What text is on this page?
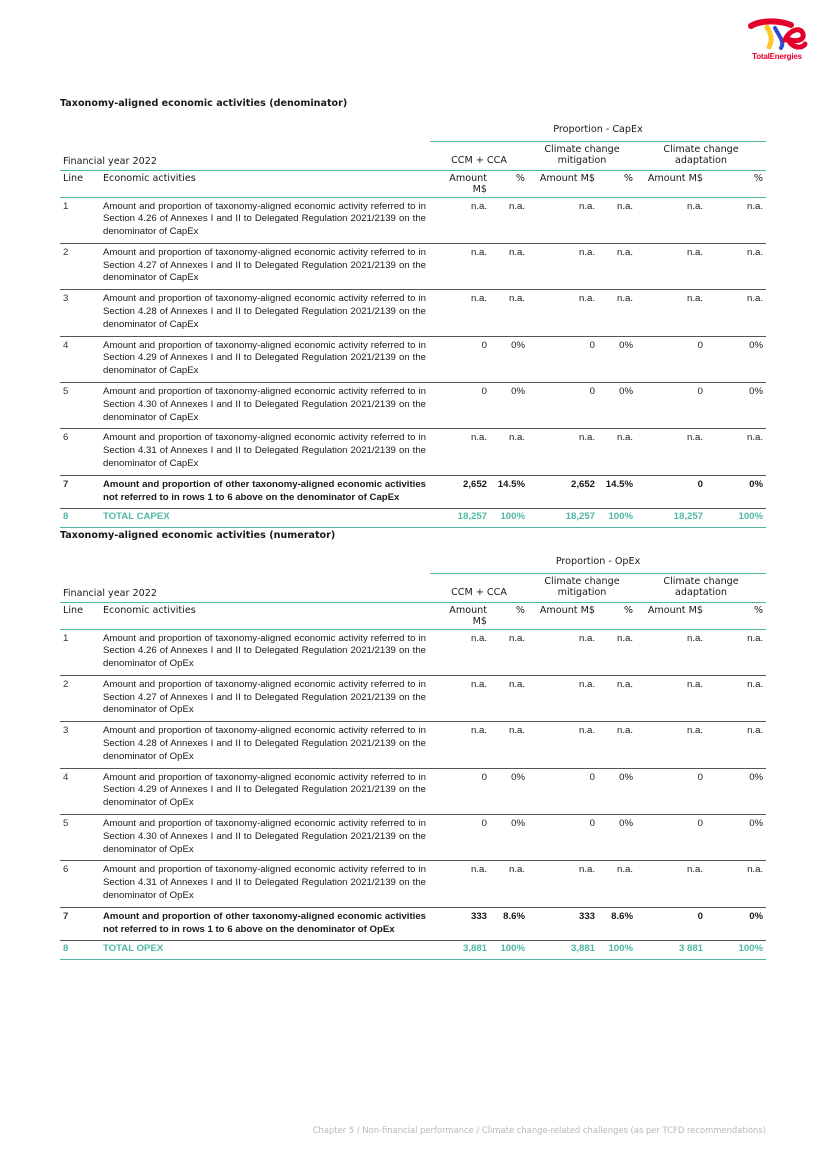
TotalEnergies
Taxonomy-aligned economic activities (denominator)
		Proportion - CapEx					
Financial year 2022		CCM + CCA		Climate change
mitigation		Climate change
adaptation	
Line	Economic activities	Amount M$	%	Amount M$	%	Amount M$	%
1	Amount and proportion of taxonomy-aligned economic activity referred to in Section 4.26 of Annexes I and II to Delegated Regulation 2021/2139 on the denominator of CapEx	n.a.	n.a.	n.a.	n.a.	n.a.	n.a.
2	Amount and proportion of taxonomy-aligned economic activity referred to in Section 4.27 of Annexes I and II to Delegated Regulation 2021/2139 on the denominator of CapEx	n.a.	n.a.	n.a.	n.a.	n.a.	n.a.
3	Amount and proportion of taxonomy-aligned economic activity referred to in Section 4.28 of Annexes I and II to Delegated Regulation 2021/2139 on the denominator of CapEx	n.a.	n.a.	n.a.	n.a.	n.a.	n.a.
4	Amount and proportion of taxonomy-aligned economic activity referred to in Section 4.29 of Annexes I and II to Delegated Regulation 2021/2139 on the denominator of CapEx	0	0%	0	0%	0	0%
5	Amount and proportion of taxonomy-aligned economic activity referred to in Section 4.30 of Annexes I and II to Delegated Regulation 2021/2139 on the denominator of CapEx	0	0%	0	0%	0	0%
6	Amount and proportion of taxonomy-aligned economic activity referred to in Section 4.31 of Annexes I and II to Delegated Regulation 2021/2139 on the denominator of CapEx	n.a.	n.a.	n.a.	n.a.	n.a.	n.a.
7	Amount and proportion of other taxonomy-aligned economic activities not referred to in rows 1 to 6 above on the denominator of CapEx	2,652	14.5%	2,652	14.5%	0	0%
8	TOTAL CAPEX	18,257	100%	18,257	100%	18,257	100%
Taxonomy-aligned economic activities (numerator)
		Proportion - OpEx					
Financial year 2022		CCM + CCA		Climate change
mitigation		Climate change
adaptation	
Line	Economic activities	Amount M$	%	Amount M$	%	Amount M$	%
1	Amount and proportion of taxonomy-aligned economic activity referred to in Section 4.26 of Annexes I and II to Delegated Regulation 2021/2139 on the denominator of OpEx	n.a.	n.a.	n.a.	n.a.	n.a.	n.a.
2	Amount and proportion of taxonomy-aligned economic activity referred to in Section 4.27 of Annexes I and II to Delegated Regulation 2021/2139 on the denominator of OpEx	n.a.	n.a.	n.a.	n.a.	n.a.	n.a.
3	Amount and proportion of taxonomy-aligned economic activity referred to in Section 4.28 of Annexes I and II to Delegated Regulation 2021/2139 on the denominator of OpEx	n.a.	n.a.	n.a.	n.a.	n.a.	n.a.
4	Amount and proportion of taxonomy-aligned economic activity referred to in Section 4.29 of Annexes I and II to Delegated Regulation 2021/2139 on the denominator of OpEx	0	0%	0	0%	0	0%
5	Amount and proportion of taxonomy-aligned economic activity referred to in Section 4.30 of Annexes I and II to Delegated Regulation 2021/2139 on the denominator of OpEx	0	0%	0	0%	0	0%
6	Amount and proportion of taxonomy-aligned economic activity referred to in Section 4.31 of Annexes I and II to Delegated Regulation 2021/2139 on the denominator of OpEx	n.a.	n.a.	n.a.	n.a.	n.a.	n.a.
7	Amount and proportion of other taxonomy-aligned economic activities not referred to in rows 1 to 6 above on the denominator of OpEx	333	8.6%	333	8.6%	0	0%
8	TOTAL OPEX	3,881	100%	3,881	100%	3 881	100%
Chapter 5 / Non-financial performance / Climate change-related challenges (as per TCFD recommendations)
